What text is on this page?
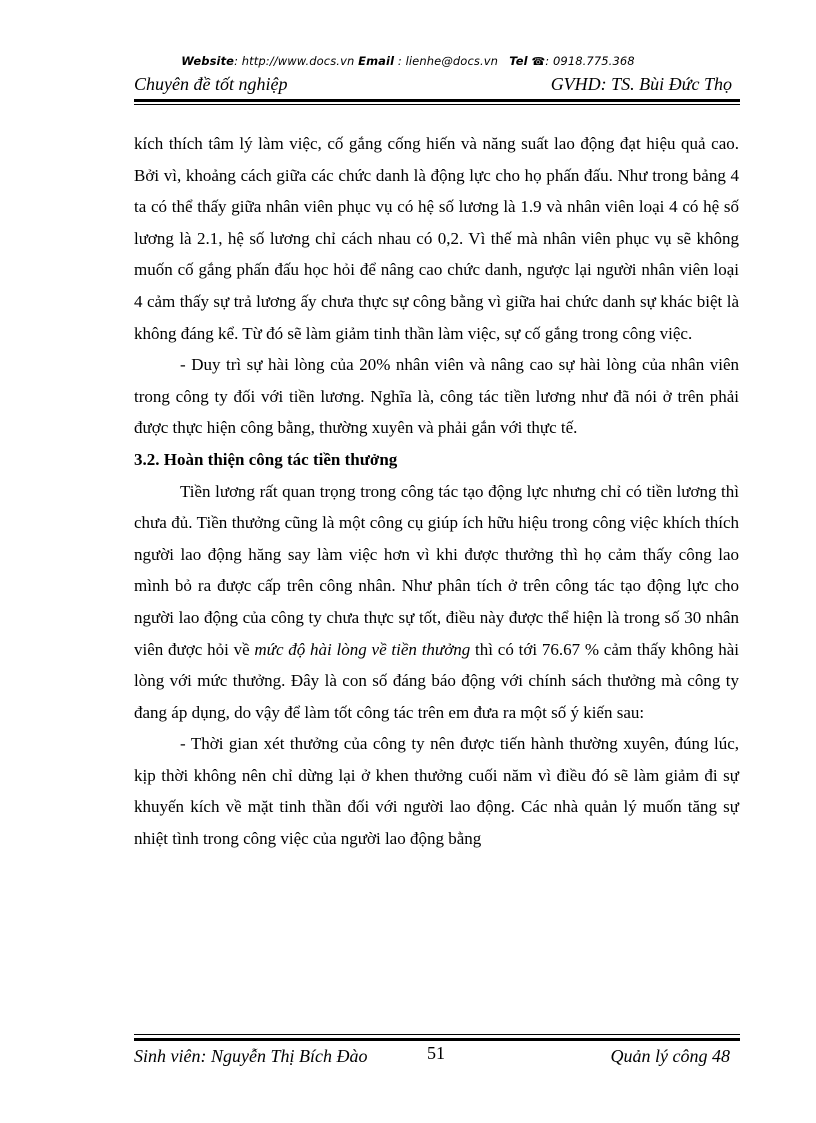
Website: http://www.docs.vn Email : lienhe@docs.vn Tel ☎: 0918.775.368
Chuyên đề tốt nghiệp	GVHD: TS. Bùi Đức Thọ

kích thích tâm lý làm việc, cố gắng cống hiến và năng suất lao động đạt hiệu quả cao. Bởi vì, khoảng cách giữa các chức danh là động lực cho họ phấn đấu. Như trong bảng 4 ta có thể thấy giữa nhân viên phục vụ có hệ số lương là 1.9 và nhân viên loại 4 có hệ số lương là 2.1, hệ số lương chỉ cách nhau có 0,2. Vì thế mà nhân viên phục vụ sẽ không muốn cố gắng phấn đấu học hỏi để nâng cao chức danh, ngược lại người nhân viên loại 4 cảm thấy sự trả lương ấy chưa thực sự công bằng vì giữa hai chức danh sự khác biệt là không đáng kể. Từ đó sẽ làm giảm tinh thần làm việc, sự cố gắng trong công việc.

- Duy trì sự hài lòng của 20% nhân viên và nâng cao sự hài lòng của nhân viên trong công ty đối với tiền lương. Nghĩa là, công tác tiền lương như đã nói ở trên phải được thực hiện công bằng, thường xuyên và phải gắn với thực tế.

3.2. Hoàn thiện công tác tiền thưởng

Tiền lương rất quan trọng trong công tác tạo động lực nhưng chỉ có tiền lương thì chưa đủ. Tiền thưởng cũng là một công cụ giúp ích hữu hiệu trong công việc khích thích người lao động hăng say làm việc hơn vì khi được thưởng thì họ cảm thấy công lao mình bỏ ra được cấp trên công nhân. Như phân tích ở trên công tác tạo động lực cho người lao động của công ty chưa thực sự tốt, điều này được thể hiện là trong số 30 nhân viên được hỏi về mức độ hài lòng về tiền thưởng thì có tới 76.67 % cảm thấy không hài lòng với mức thưởng. Đây là con số đáng báo động với chính sách thưởng mà công ty đang áp dụng, do vậy để làm tốt công tác trên em đưa ra một số ý kiến sau:

- Thời gian xét thưởng của công ty nên được tiến hành thường xuyên, đúng lúc, kịp thời không nên chỉ dừng lại ở khen thưởng cuối năm vì điều đó sẽ làm giảm đi sự khuyến kích về mặt tinh thần đối với người lao động. Các nhà quản lý muốn tăng sự nhiệt tình trong công việc của người lao động bằng

Sinh viên: Nguyễn Thị Bích Đào	51	Quản lý công 48
